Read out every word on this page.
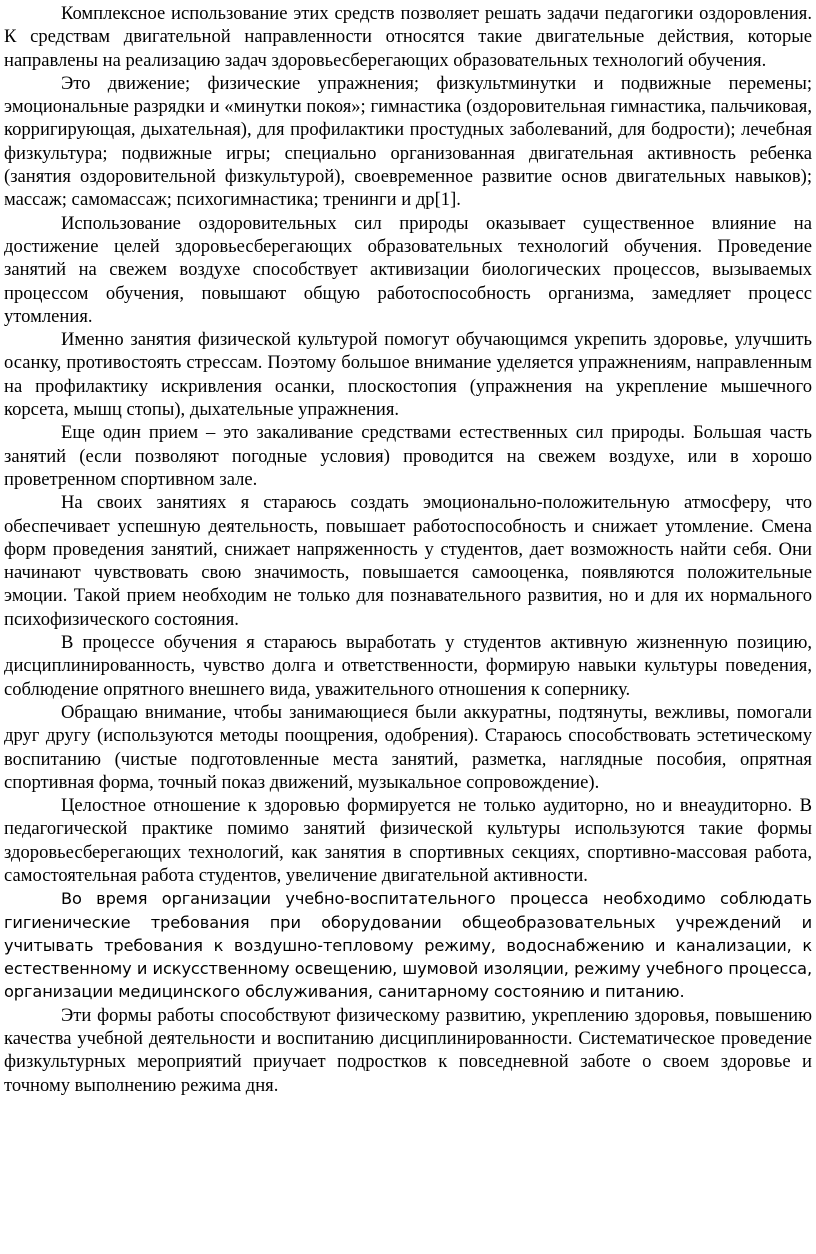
Комплексное использование этих средств позволяет решать задачи педагогики оздоровления. К средствам двигательной направленности относятся такие двигательные действия, которые направлены на реализацию задач здоровьесберегающих образовательных технологий обучения.

Это движение; физические упражнения; физкультминутки и подвижные перемены; эмоциональные разрядки и «минутки покоя»; гимнастика (оздоровительная гимнастика, пальчиковая, корригирующая, дыхательная), для профилактики простудных заболеваний, для бодрости); лечебная физкультура; подвижные игры; специально организованная двигательная активность ребенка (занятия оздоровительной физкультурой), своевременное развитие основ двигательных навыков); массаж; самомассаж; психогимнастика; тренинги и др[1].

Использование оздоровительных сил природы оказывает существенное влияние на достижение целей здоровьесберегающих образовательных технологий обучения. Проведение занятий на свежем воздухе способствует активизации биологических процессов, вызываемых процессом обучения, повышают общую работоспособность организма, замедляет процесс утомления.

Именно занятия физической культурой помогут обучающимся укрепить здоровье, улучшить осанку, противостоять стрессам. Поэтому большое внимание уделяется упражнениям, направленным на профилактику искривления осанки, плоскостопия (упражнения на укрепление мышечного корсета, мышц стопы), дыхательные упражнения.

Еще один прием – это закаливание средствами естественных сил природы. Большая часть занятий (если позволяют погодные условия) проводится на свежем воздухе, или в хорошо проветренном спортивном зале.

На своих занятиях я стараюсь создать эмоционально-положительную атмосферу, что обеспечивает успешную деятельность, повышает работоспособность и снижает утомление. Смена форм проведения занятий, снижает напряженность у студентов, дает возможность найти себя. Они начинают чувствовать свою значимость, повышается самооценка, появляются положительные эмоции. Такой прием необходим не только для познавательного развития, но и для их нормального психофизического состояния.

В процессе обучения я стараюсь выработать у студентов активную жизненную позицию, дисциплинированность, чувство долга и ответственности, формирую навыки культуры поведения, соблюдение опрятного внешнего вида, уважительного отношения к сопернику.

Обращаю внимание, чтобы занимающиеся были аккуратны, подтянуты, вежливы, помогали друг другу (используются методы поощрения, одобрения). Стараюсь способствовать эстетическому воспитанию (чистые подготовленные места занятий, разметка, наглядные пособия, опрятная спортивная форма, точный показ движений, музыкальное сопровождение).

Целостное отношение к здоровью формируется не только аудиторно, но и внеаудиторно. В педагогической практике помимо занятий физической культуры используются такие формы здоровьесберегающих технологий, как занятия в спортивных секциях, спортивно-массовая работа, самостоятельная работа студентов, увеличение двигательной активности.

Во время организации учебно-воспитательного процесса необходимо соблюдать гигиенические требования при оборудовании общеобразовательных учреждений и учитывать требования к воздушно-тепловому режиму, водоснабжению и канализации, к естественному и искусственному освещению, шумовой изоляции, режиму учебного процесса, организации медицинского обслуживания, санитарному состоянию и питанию.

Эти формы работы способствуют физическому развитию, укреплению здоровья, повышению качества учебной деятельности и воспитанию дисциплинированности. Систематическое проведение физкультурных мероприятий приучает подростков к повседневной заботе о своем здоровье и точному выполнению режима дня.
